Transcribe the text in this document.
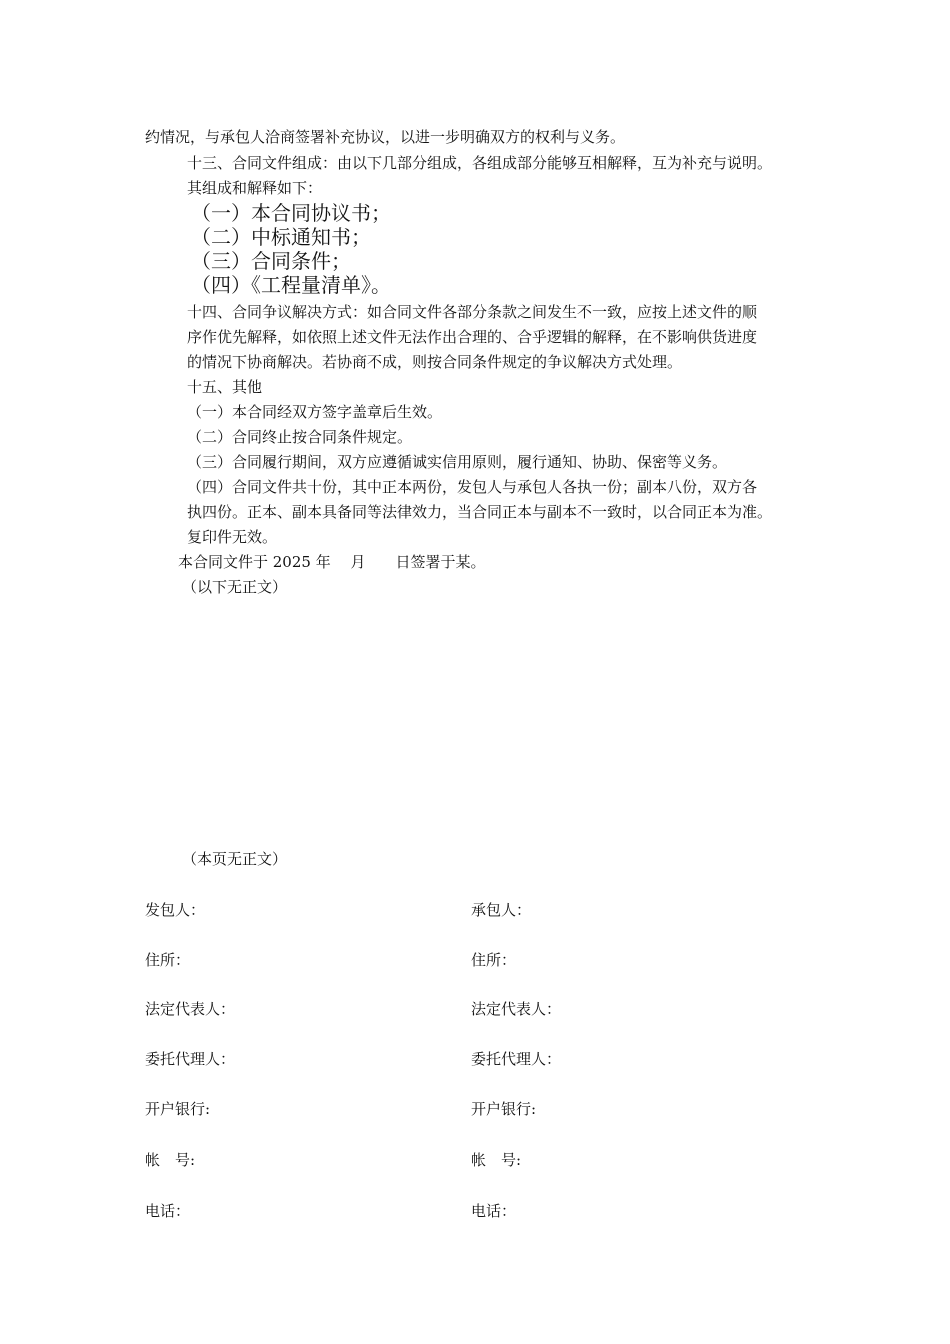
约情况，与承包人洽商签署补充协议，以进一步明确双方的权利与义务。
十三、合同文件组成：由以下几部分组成，各组成部分能够互相解释，互为补充与说明。
其组成和解释如下：
（一）本合同协议书；
（二）中标通知书；
（三）合同条件；
（四）《工程量清单》。
十四、合同争议解决方式：如合同文件各部分条款之间发生不一致，应按上述文件的顺
序作优先解释，如依照上述文件无法作出合理的、合乎逻辑的解释，在不影响供货进度
的情况下协商解决。若协商不成，则按合同条件规定的争议解决方式处理。
十五、其他
（一）本合同经双方签字盖章后生效。
（二）合同终止按合同条件规定。
（三）合同履行期间，双方应遵循诚实信用原则，履行通知、协助、保密等义务。
（四）合同文件共十份，其中正本两份，发包人与承包人各执一份；副本八份，双方各
执四份。正本、副本具备同等法律效力，当合同正本与副本不一致时，以合同正本为准。
复印件无效。
本合同文件于 2025 年　 月　　日签署于某。
（以下无正文）
（本页无正文）
发包人：
住所：
法定代表人：
委托代理人：
开户银行:
帐　号:
电话：
承包人：
住所：
法定代表人：
委托代理人：
开户银行:
帐　号:
电话：
